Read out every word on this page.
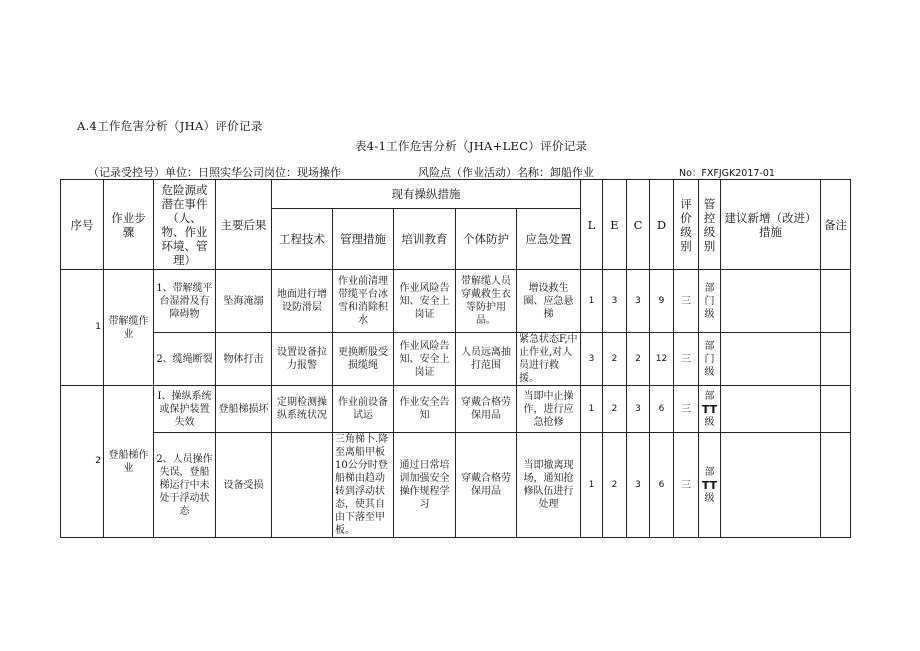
A.4工作危害分析（JHA）评价记录
表4-1工作危害分析（JHA+LEC）评价记录
（记录受控号）单位：日照实华公司岗位：现场操作	风险点（作业活动）名称：卸船作业	No：FXFJGK2017-01
序号	作业步骤	危险源或潜在事件（人、物、作业环境、管理）	主要后果	现有操纵措施					L	E	C	D	评价级别	管控级别	建议新增（改进）措施	备注
				工程技术	管理措施	培训教育	个体防护	应急处置								
1	带解缆作业	1、带解缆平台湿滑及有障碍物	坠海淹溺	地面进行增设防滑层	作业前清理带缆平台冰雪和消除积水	作业风险告知、安全上岗证	带解缆人员穿戴救生衣等防护用品。	增设救生圈、应急悬梯	1	3	3	9	三	部门
级		

		2、缆绳断裂	物体打击	设置设备拉力报警	更换断股受损缆绳	作业风险告知、安全上岗证	人员远离抽打范围	紧急状态F,中止作业,对人员进行救援。	3	2	2	12	三	部门
级		

2	登船梯作业	I、操纵系统或保护装置失效	登船梯损坏	定期检测操纵系统状况	作业前设备试运	作业安全告知	穿戴合格劳保用品	当即中止操作，进行应急抢修	1	2	3	6	三	部
TT
级		

		2、人员操作失误，登船梯运行中未处于浮动状态	设备受损		三角梯卜.降至离船甲板10公分时登船梯由趋动转到浮动状态，使其自由下落至甲板。	通过日常培训加强安全操作规程学习	穿戴合格劳保用品	当即撤离现场，通知抢修队伍进行处理	1	2	3	6	三	部
TT
级		
